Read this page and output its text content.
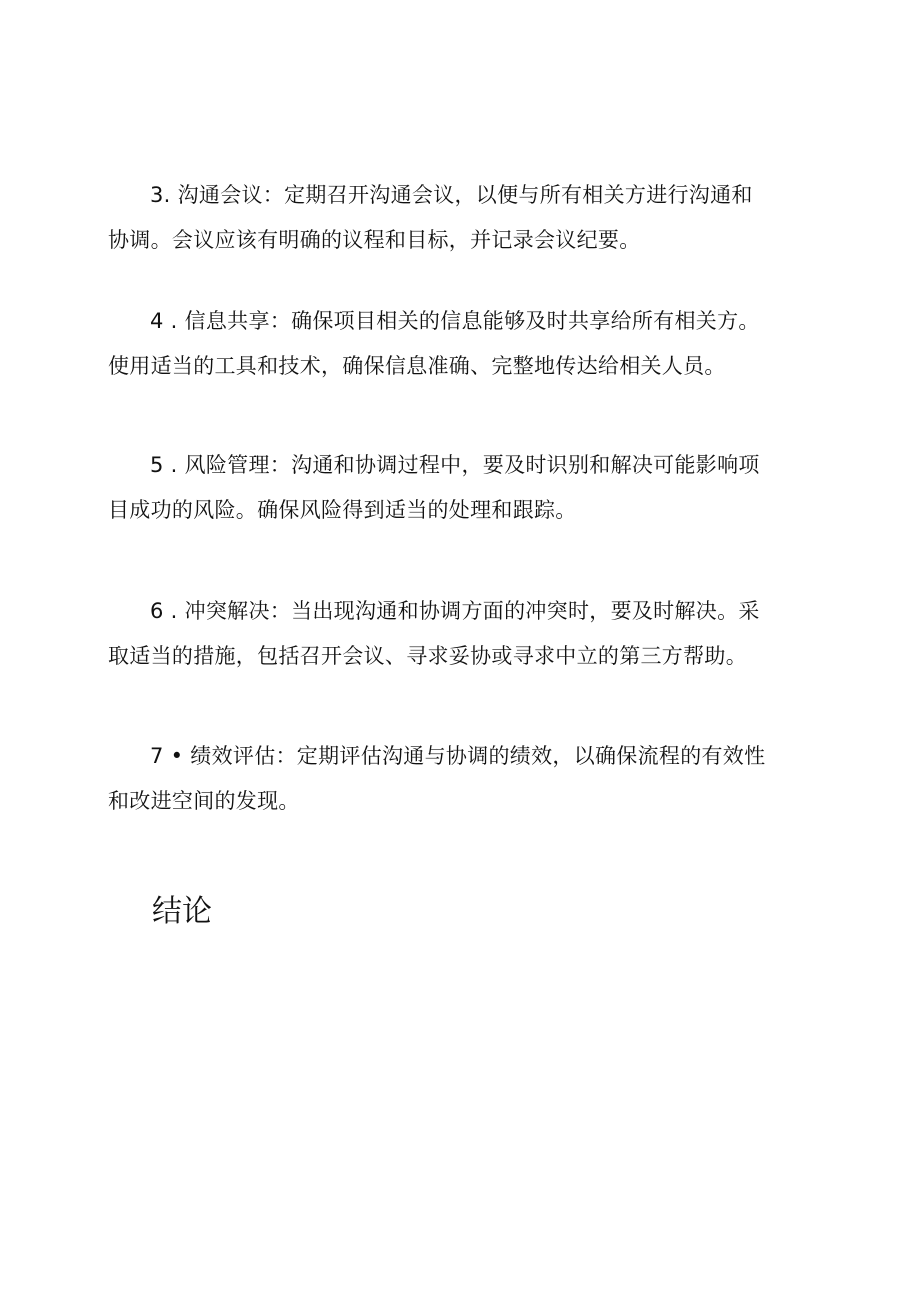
3. 沟通会议：定期召开沟通会议，以便与所有相关方进行沟通和
协调。会议应该有明确的议程和目标，并记录会议纪要。

4 . 信息共享：确保项目相关的信息能够及时共享给所有相关方。
使用适当的工具和技术，确保信息准确、完整地传达给相关人员。

5 . 风险管理：沟通和协调过程中，要及时识别和解决可能影响项
目成功的风险。确保风险得到适当的处理和跟踪。

6 . 冲突解决：当出现沟通和协调方面的冲突时，要及时解决。采
取适当的措施，包括召开会议、寻求妥协或寻求中立的第三方帮助。

7 • 绩效评估：定期评估沟通与协调的绩效，以确保流程的有效性
和改进空间的发现。

结论
